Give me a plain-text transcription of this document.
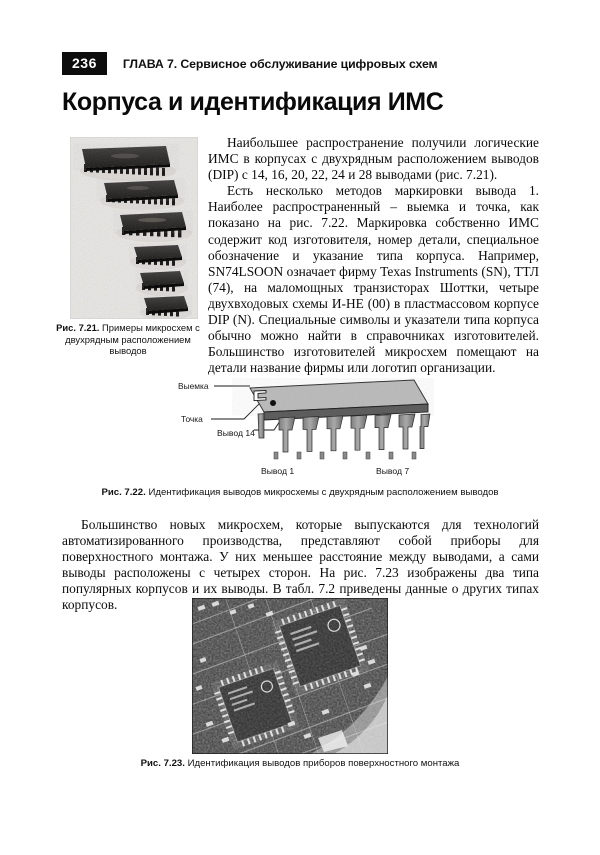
236	ГЛАВА 7. Сервисное обслуживание цифровых схем
Корпуса и идентификация ИМС
Рис. 7.21. Примеры микросхем с двухрядным расположением выводов

Наибольшее распространение получили логические ИМС в корпусах с двухрядным расположением выводов (DIP) с 14, 16, 20, 22, 24 и 28 выводами (рис. 7.21).

Есть несколько методов маркировки вывода 1. Наиболее распространенный – выемка и точка, как показано на рис. 7.22. Маркировка собственно ИМС содержит код изготовителя, номер детали, специальное обозначение и указание типа корпуса. Например, SN74LSOON означает фирму Texas Instruments (SN), ТТЛ (74), на маломощных транзисторах Шоттки, четыре двухвходовых схемы И-НЕ (00) в пластмассовом корпусе DIP (N). Специальные символы и указатели типа корпуса обычно можно найти в справочниках изготовителей. Большинство изготовителей микросхем помещают на детали название фирмы или логотип организации.

Выемка
Точка
Вывод 14
Вывод 1	Вывод 7
Рис. 7.22. Идентификация выводов микросхемы с двухрядным расположением выводов

Большинство новых микросхем, которые выпускаются для технологий автоматизированного производства, представляют собой приборы для поверхностного монтажа. У них меньшее расстояние между выводами, а сами выводы расположены с четырех сторон. На рис. 7.23 изображены два типа популярных корпусов и их выводы. В табл. 7.2 приведены данные о других типах корпусов.

Рис. 7.23. Идентификация выводов приборов поверхностного монтажа
